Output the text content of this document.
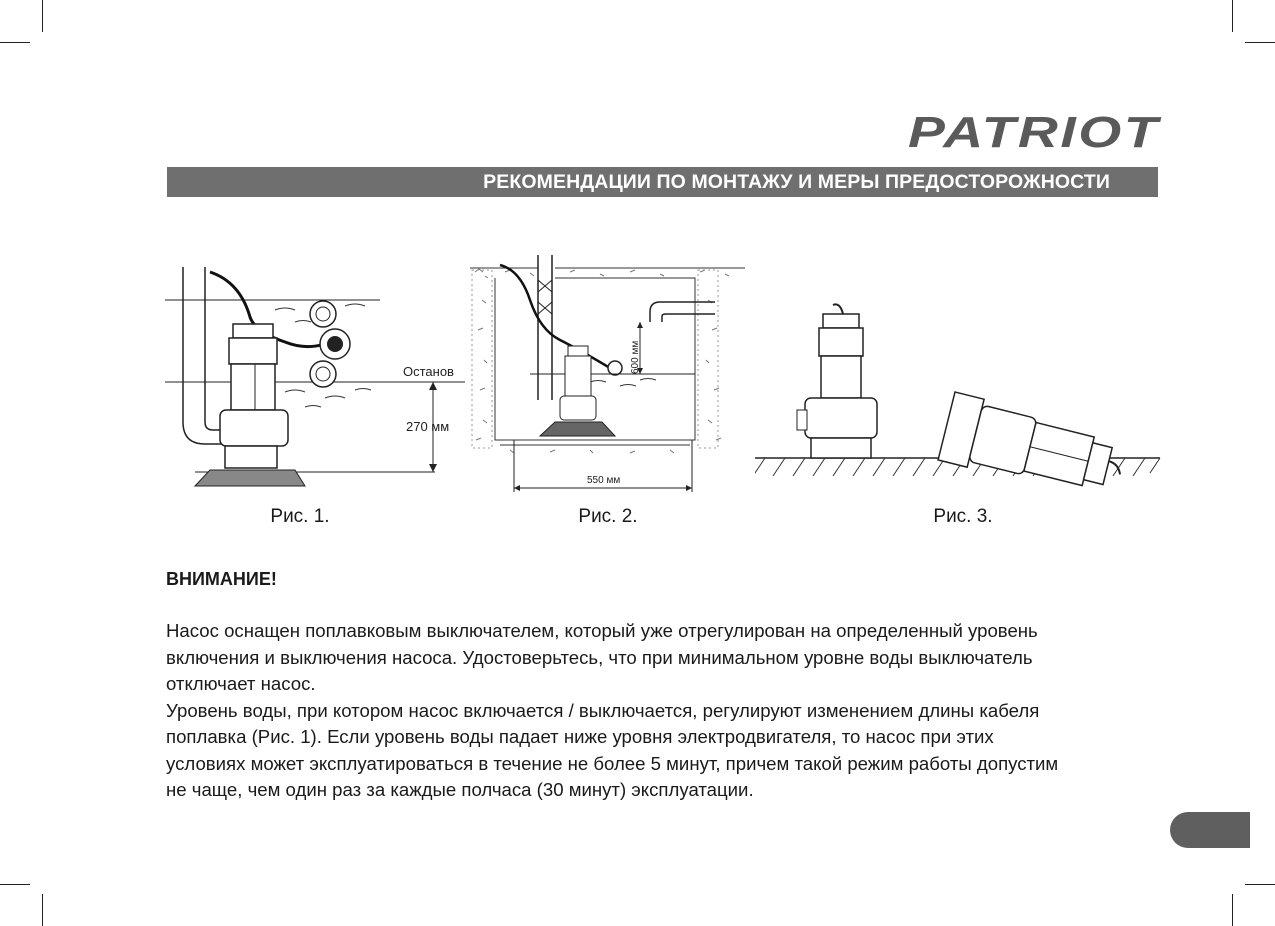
PATRIOT
РЕКОМЕНДАЦИИ ПО МОНТАЖУ И МЕРЫ ПРЕДОСТОРОЖНОСТИ
Останов
270 мм
Рис. 1.
600 мм
550 мм
Рис. 2.	Рис. 3.
ВНИМАНИЕ!

Насос оснащен поплавковым выключателем, который уже отрегулирован на определенный уровень

включения и выключения насоса. Удостоверьтесь, что при минимальном уровне воды выключатель

отключает насос.

Уровень воды, при котором насос включается / выключается, регулируют изменением длины кабеля

поплавка (Рис. 1). Если уровень воды падает ниже уровня электродвигателя, то насос при этих

условиях может эксплуатироваться в течение не более 5 минут, причем такой режим работы допустим

не чаще, чем один раз за каждые полчаса (30 минут) эксплуатации.
